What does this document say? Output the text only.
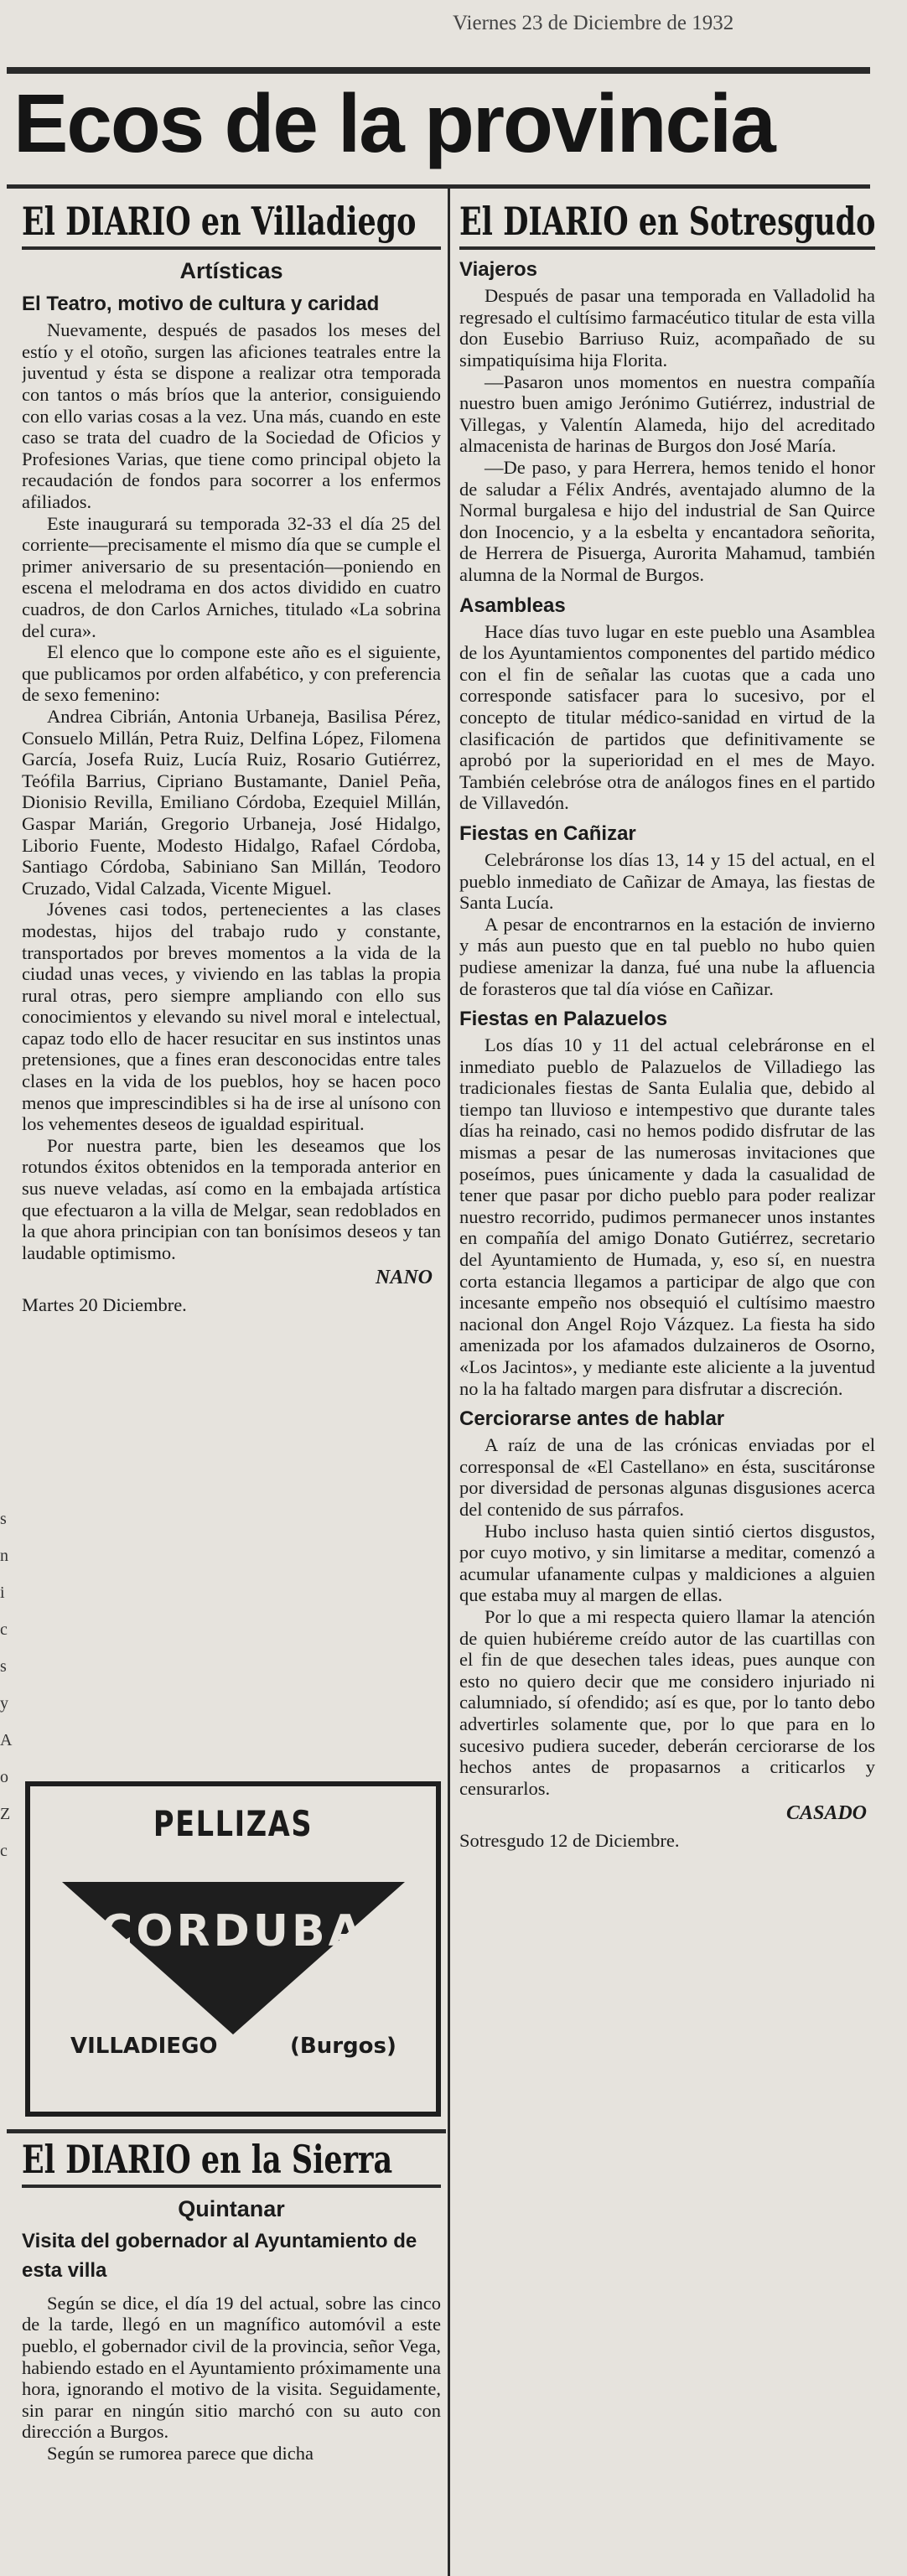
Viernes 23 de Diciembre de 1932
Ecos de la provincia
El DIARIO en Villadiego
Artísticas
El Teatro, motivo de cultura y caridad

Nuevamente, después de pasados los meses del estío y el otoño, surgen las aficiones teatrales entre la juventud y ésta se dispone a realizar otra temporada con tantos o más bríos que la anterior, consiguiendo con ello varias cosas a la vez. Una más, cuando en este caso se trata del cuadro de la Sociedad de Oficios y Profesiones Varias, que tiene como principal objeto la recaudación de fondos para socorrer a los enfermos afiliados.

Este inaugurará su temporada 32-33 el día 25 del corriente—precisamente el mismo día que se cumple el primer aniversario de su presentación—poniendo en escena el melodrama en dos actos dividido en cuatro cuadros, de don Carlos Arniches, titulado «La sobrina del cura».

El elenco que lo compone este año es el siguiente, que publicamos por orden alfabético, y con preferencia de sexo femenino:

Andrea Cibrián, Antonia Urbaneja, Basilisa Pérez, Consuelo Millán, Petra Ruiz, Delfina López, Filomena García, Josefa Ruiz, Lucía Ruiz, Rosario Gutiérrez, Teófila Barrius, Cipriano Bustamante, Daniel Peña, Dionisio Revilla, Emiliano Córdoba, Ezequiel Millán, Gaspar Marián, Gregorio Urbaneja, José Hidalgo, Liborio Fuente, Modesto Hidalgo, Rafael Córdoba, Santiago Córdoba, Sabiniano San Millán, Teodoro Cruzado, Vidal Calzada, Vicente Miguel.

Jóvenes casi todos, pertenecientes a las clases modestas, hijos del trabajo rudo y constante, transportados por breves momentos a la vida de la ciudad unas veces, y viviendo en las tablas la propia rural otras, pero siempre ampliando con ello sus conocimientos y elevando su nivel moral e intelectual, capaz todo ello de hacer resucitar en sus instintos unas pretensiones, que a fines eran desconocidas entre tales clases en la vida de los pueblos, hoy se hacen poco menos que imprescindibles si ha de irse al unísono con los vehementes deseos de igualdad espiritual.

Por nuestra parte, bien les deseamos que los rotundos éxitos obtenidos en la temporada anterior en sus nueve veladas, así como en la embajada artística que efectuaron a la villa de Melgar, sean redoblados en la que ahora principian con tan bonísimos deseos y tan laudable optimismo.

NANO
Martes 20 Diciembre.
PELLIZAS
CORDUBA
VILLADIEGO	(Burgos)
El DIARIO en la Sierra
Quintanar
Visita del gobernador al Ayuntamiento de esta villa

Según se dice, el día 19 del actual, sobre las cinco de la tarde, llegó en un magnífico automóvil a este pueblo, el gobernador civil de la provincia, señor Vega, habiendo estado en el Ayuntamiento próximamente una hora, ignorando el motivo de la visita. Seguidamente, sin parar en ningún sitio marchó con su auto con dirección a Burgos.

Según se rumorea parece que dicha

El DIARIO en Sotresgudo
Viajeros

Después de pasar una temporada en Valladolid ha regresado el cultísimo farmacéutico titular de esta villa don Eusebio Barriuso Ruiz, acompañado de su simpatiquísima hija Florita.

—Pasaron unos momentos en nuestra compañía nuestro buen amigo Jerónimo Gutiérrez, industrial de Villegas, y Valentín Alameda, hijo del acreditado almacenista de harinas de Burgos don José María.

—De paso, y para Herrera, hemos tenido el honor de saludar a Félix Andrés, aventajado alumno de la Normal burgalesa e hijo del industrial de San Quirce don Inocencio, y a la esbelta y encantadora señorita, de Herrera de Pisuerga, Aurorita Mahamud, también alumna de la Normal de Burgos.

Asambleas

Hace días tuvo lugar en este pueblo una Asamblea de los Ayuntamientos componentes del partido médico con el fin de señalar las cuotas que a cada uno corresponde satisfacer para lo sucesivo, por el concepto de titular médico-sanidad en virtud de la clasificación de partidos que definitivamente se aprobó por la superioridad en el mes de Mayo. También celebróse otra de análogos fines en el partido de Villavedón.

Fiestas en Cañizar

Celebráronse los días 13, 14 y 15 del actual, en el pueblo inmediato de Cañizar de Amaya, las fiestas de Santa Lucía.

A pesar de encontrarnos en la estación de invierno y más aun puesto que en tal pueblo no hubo quien pudiese amenizar la danza, fué una nube la afluencia de forasteros que tal día vióse en Cañizar.

Fiestas en Palazuelos

Los días 10 y 11 del actual celebráronse en el inmediato pueblo de Palazuelos de Villadiego las tradicionales fiestas de Santa Eulalia que, debido al tiempo tan lluvioso e intempestivo que durante tales días ha reinado, casi no hemos podido disfrutar de las mismas a pesar de las numerosas invitaciones que poseímos, pues únicamente y dada la casualidad de tener que pasar por dicho pueblo para poder realizar nuestro recorrido, pudimos permanecer unos instantes en compañía del amigo Donato Gutiérrez, secretario del Ayuntamiento de Humada, y, eso sí, en nuestra corta estancia llegamos a participar de algo que con incesante empeño nos obsequió el cultísimo maestro nacional don Angel Rojo Vázquez. La fiesta ha sido amenizada por los afamados dulzaineros de Osorno, «Los Jacintos», y mediante este aliciente a la juventud no la ha faltado margen para disfrutar a discreción.

Cerciorarse antes de hablar

A raíz de una de las crónicas enviadas por el corresponsal de «El Castellano» en ésta, suscitáronse por diversidad de personas algunas disgusiones acerca del contenido de sus párrafos.

Hubo incluso hasta quien sintió ciertos disgustos, por cuyo motivo, y sin limitarse a meditar, comenzó a acumular ufanamente culpas y maldiciones a alguien que estaba muy al margen de ellas.

Por lo que a mi respecta quiero llamar la atención de quien hubiéreme creído autor de las cuartillas con el fin de que desechen tales ideas, pues aunque con esto no quiero decir que me considero injuriado ni calumniado, sí ofendido; así es que, por lo tanto debo advertirles solamente que, por lo que para en lo sucesivo pudiera suceder, deberán cerciorarse de los hechos antes de propasarnos a criticarlos y censurarlos.

CASADO
Sotresgudo 12 de Diciembre.
s
n
i
c
s
y
A
o
Z
c
